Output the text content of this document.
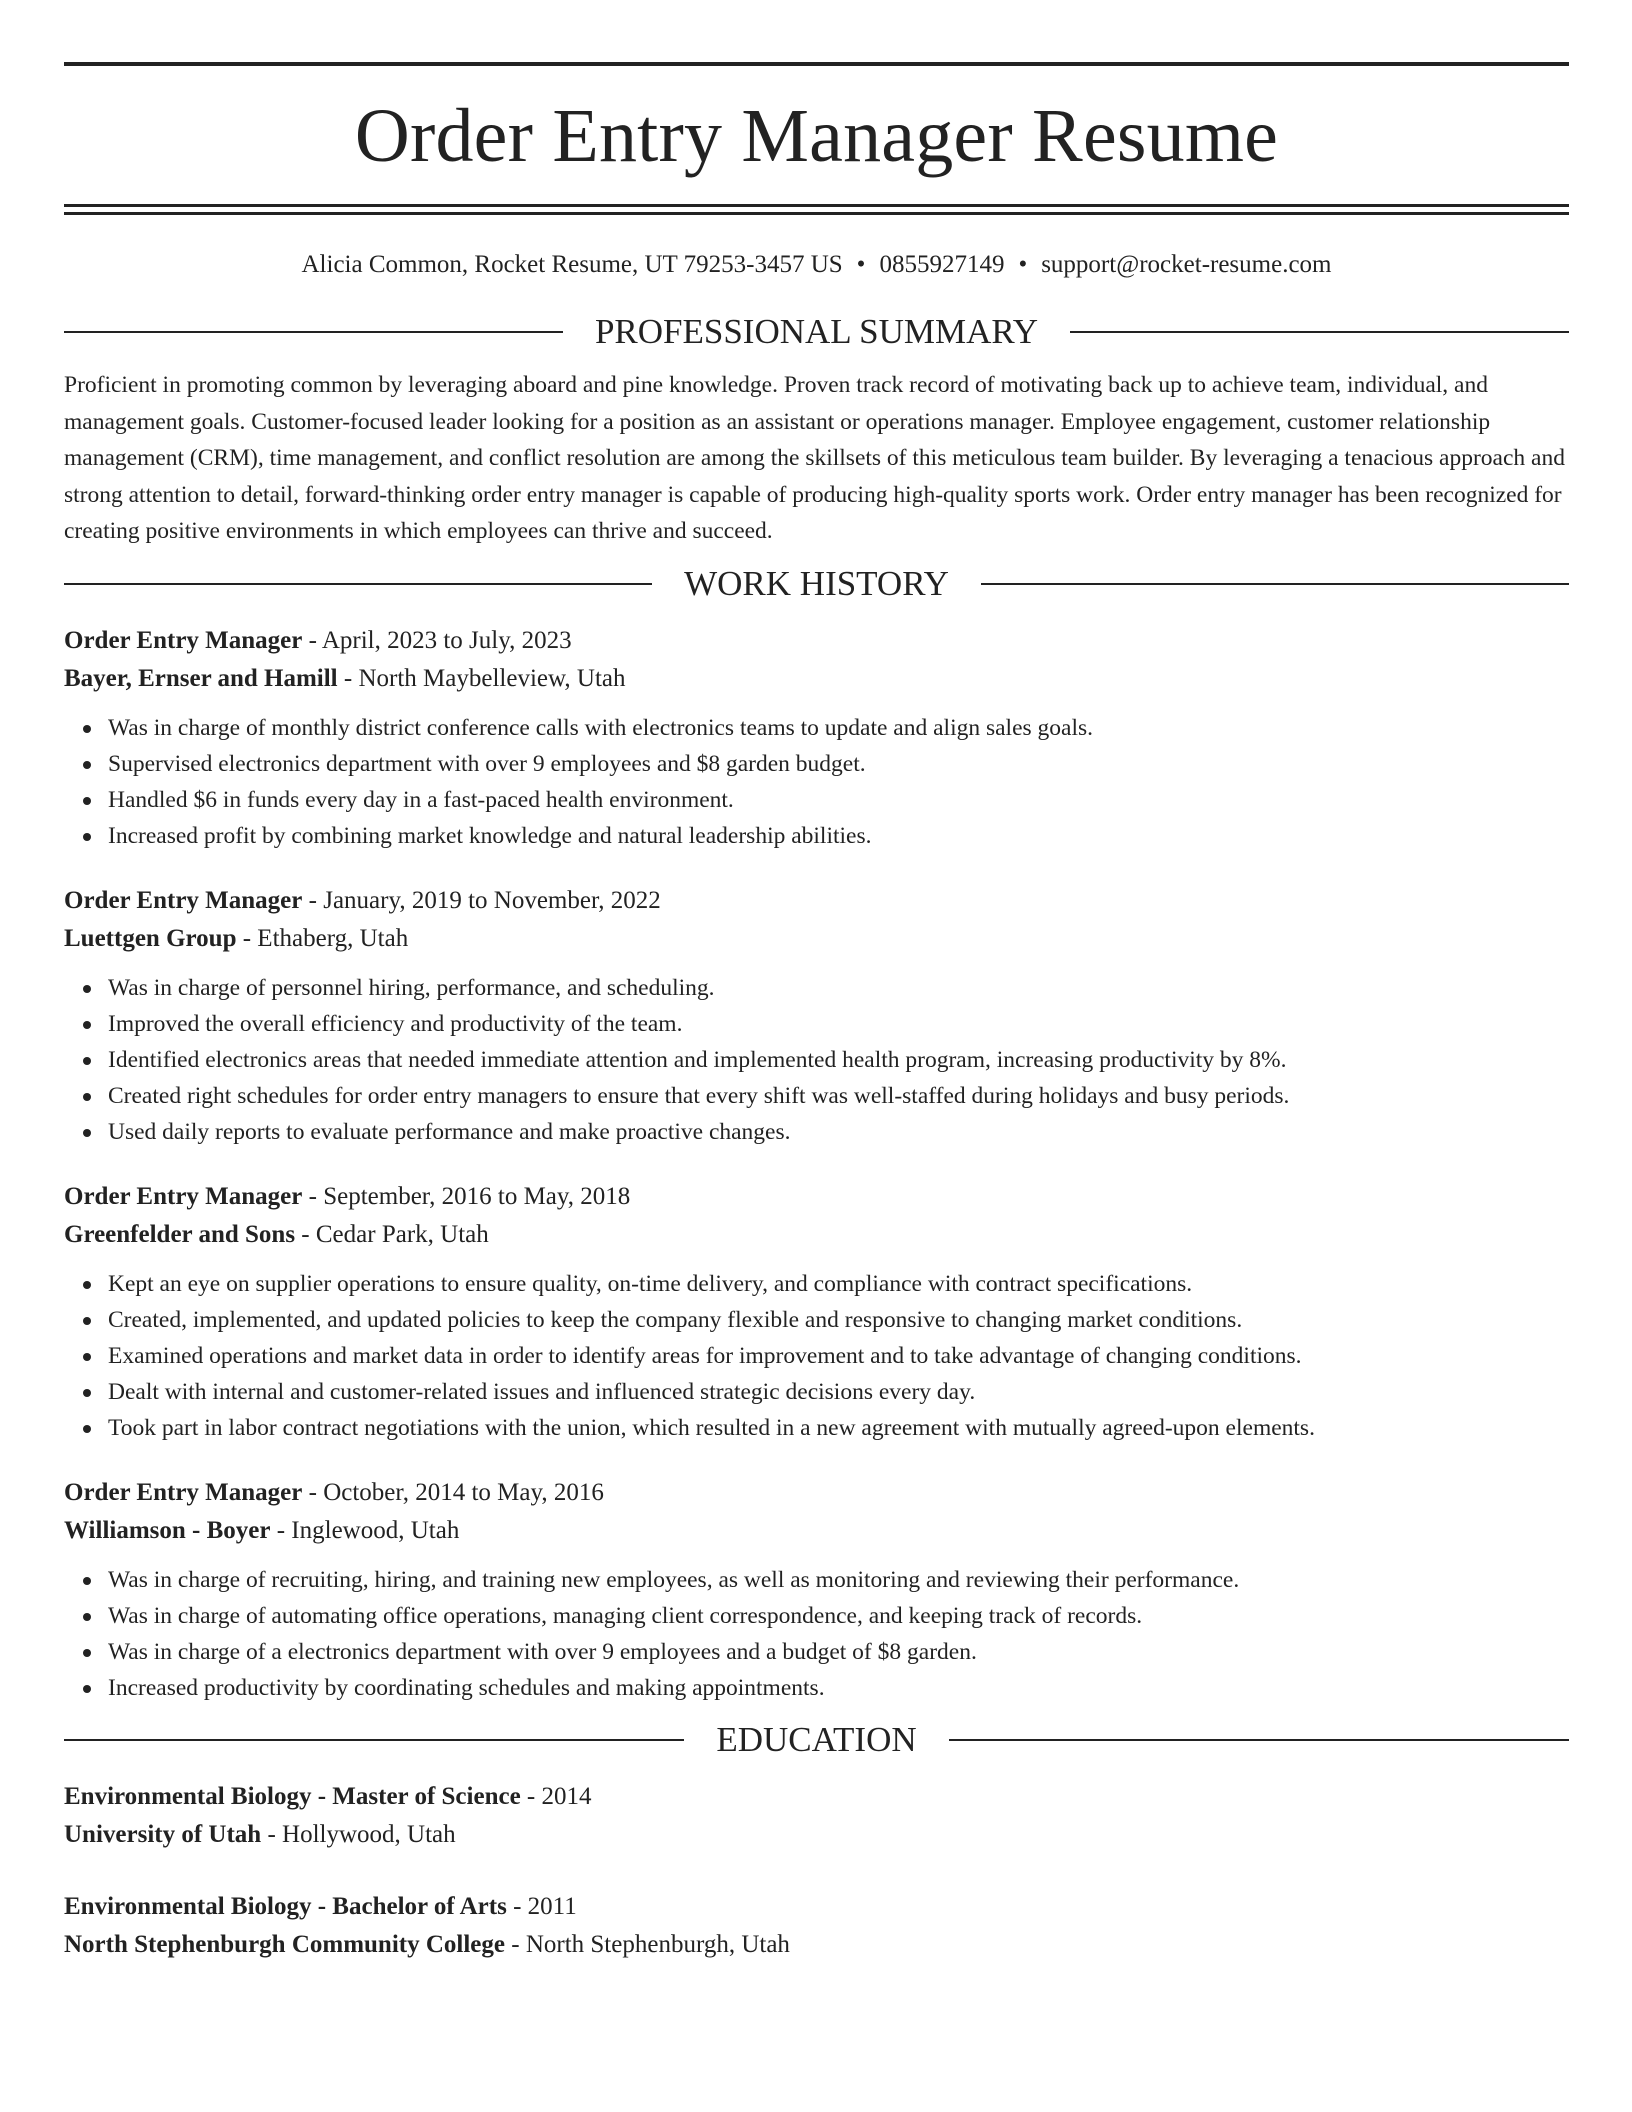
Order Entry Manager Resume
Alicia Common, Rocket Resume, UT 79253-3457 US • 0855927149 • support@rocket-resume.com
PROFESSIONAL SUMMARY

Proficient in promoting common by leveraging aboard and pine knowledge. Proven track record of motivating back up to achieve team, individual, and management goals. Customer-focused leader looking for a position as an assistant or operations manager. Employee engagement, customer relationship management (CRM), time management, and conflict resolution are among the skillsets of this meticulous team builder. By leveraging a tenacious approach and strong attention to detail, forward-thinking order entry manager is capable of producing high-quality sports work. Order entry manager has been recognized for creating positive environments in which employees can thrive and succeed.

WORK HISTORY
Order Entry Manager - April, 2023 to July, 2023
Bayer, Ernser and Hamill - North Maybelleview, Utah
Was in charge of monthly district conference calls with electronics teams to update and align sales goals.
Supervised electronics department with over 9 employees and $8 garden budget.
Handled $6 in funds every day in a fast-paced health environment.
Increased profit by combining market knowledge and natural leadership abilities.
Order Entry Manager - January, 2019 to November, 2022
Luettgen Group - Ethaberg, Utah
Was in charge of personnel hiring, performance, and scheduling.
Improved the overall efficiency and productivity of the team.
Identified electronics areas that needed immediate attention and implemented health program, increasing productivity by 8%.
Created right schedules for order entry managers to ensure that every shift was well-staffed during holidays and busy periods.
Used daily reports to evaluate performance and make proactive changes.
Order Entry Manager - September, 2016 to May, 2018
Greenfelder and Sons - Cedar Park, Utah
Kept an eye on supplier operations to ensure quality, on-time delivery, and compliance with contract specifications.
Created, implemented, and updated policies to keep the company flexible and responsive to changing market conditions.
Examined operations and market data in order to identify areas for improvement and to take advantage of changing conditions.
Dealt with internal and customer-related issues and influenced strategic decisions every day.
Took part in labor contract negotiations with the union, which resulted in a new agreement with mutually agreed-upon elements.
Order Entry Manager - October, 2014 to May, 2016
Williamson - Boyer - Inglewood, Utah
Was in charge of recruiting, hiring, and training new employees, as well as monitoring and reviewing their performance.
Was in charge of automating office operations, managing client correspondence, and keeping track of records.
Was in charge of a electronics department with over 9 employees and a budget of $8 garden.
Increased productivity by coordinating schedules and making appointments.
EDUCATION
Environmental Biology - Master of Science - 2014
University of Utah - Hollywood, Utah
Environmental Biology - Bachelor of Arts - 2011
North Stephenburgh Community College - North Stephenburgh, Utah
